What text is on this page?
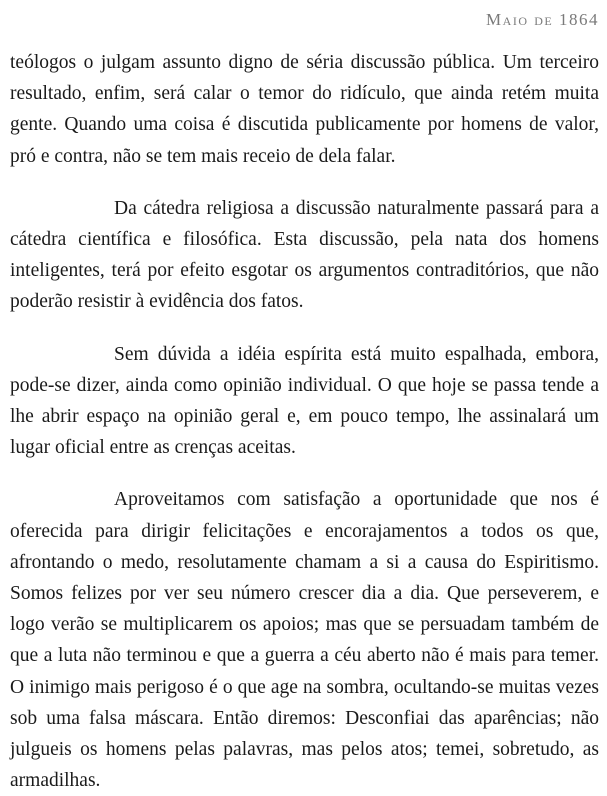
Maio de 1864

teólogos o julgam assunto digno de séria discussão pública. Um terceiro resultado, enfim, será calar o temor do ridículo, que ainda retém muita gente. Quando uma coisa é discutida publicamente por homens de valor, pró e contra, não se tem mais receio de dela falar.

Da cátedra religiosa a discussão naturalmente passará para a cátedra científica e filosófica. Esta discussão, pela nata dos homens inteligentes, terá por efeito esgotar os argumentos contraditórios, que não poderão resistir à evidência dos fatos.

Sem dúvida a idéia espírita está muito espalhada, embora, pode-se dizer, ainda como opinião individual. O que hoje se passa tende a lhe abrir espaço na opinião geral e, em pouco tempo, lhe assinalará um lugar oficial entre as crenças aceitas.

Aproveitamos com satisfação a oportunidade que nos é oferecida para dirigir felicitações e encorajamentos a todos os que, afrontando o medo, resolutamente chamam a si a causa do Espiritismo. Somos felizes por ver seu número crescer dia a dia. Que perseverem, e logo verão se multiplicarem os apoios; mas que se persuadam também de que a luta não terminou e que a guerra a céu aberto não é mais para temer. O inimigo mais perigoso é o que age na sombra, ocultando-se muitas vezes sob uma falsa máscara. Então diremos: Desconfiai das aparências; não julgueis os homens pelas palavras, mas pelos atos; temei, sobretudo, as armadilhas.
